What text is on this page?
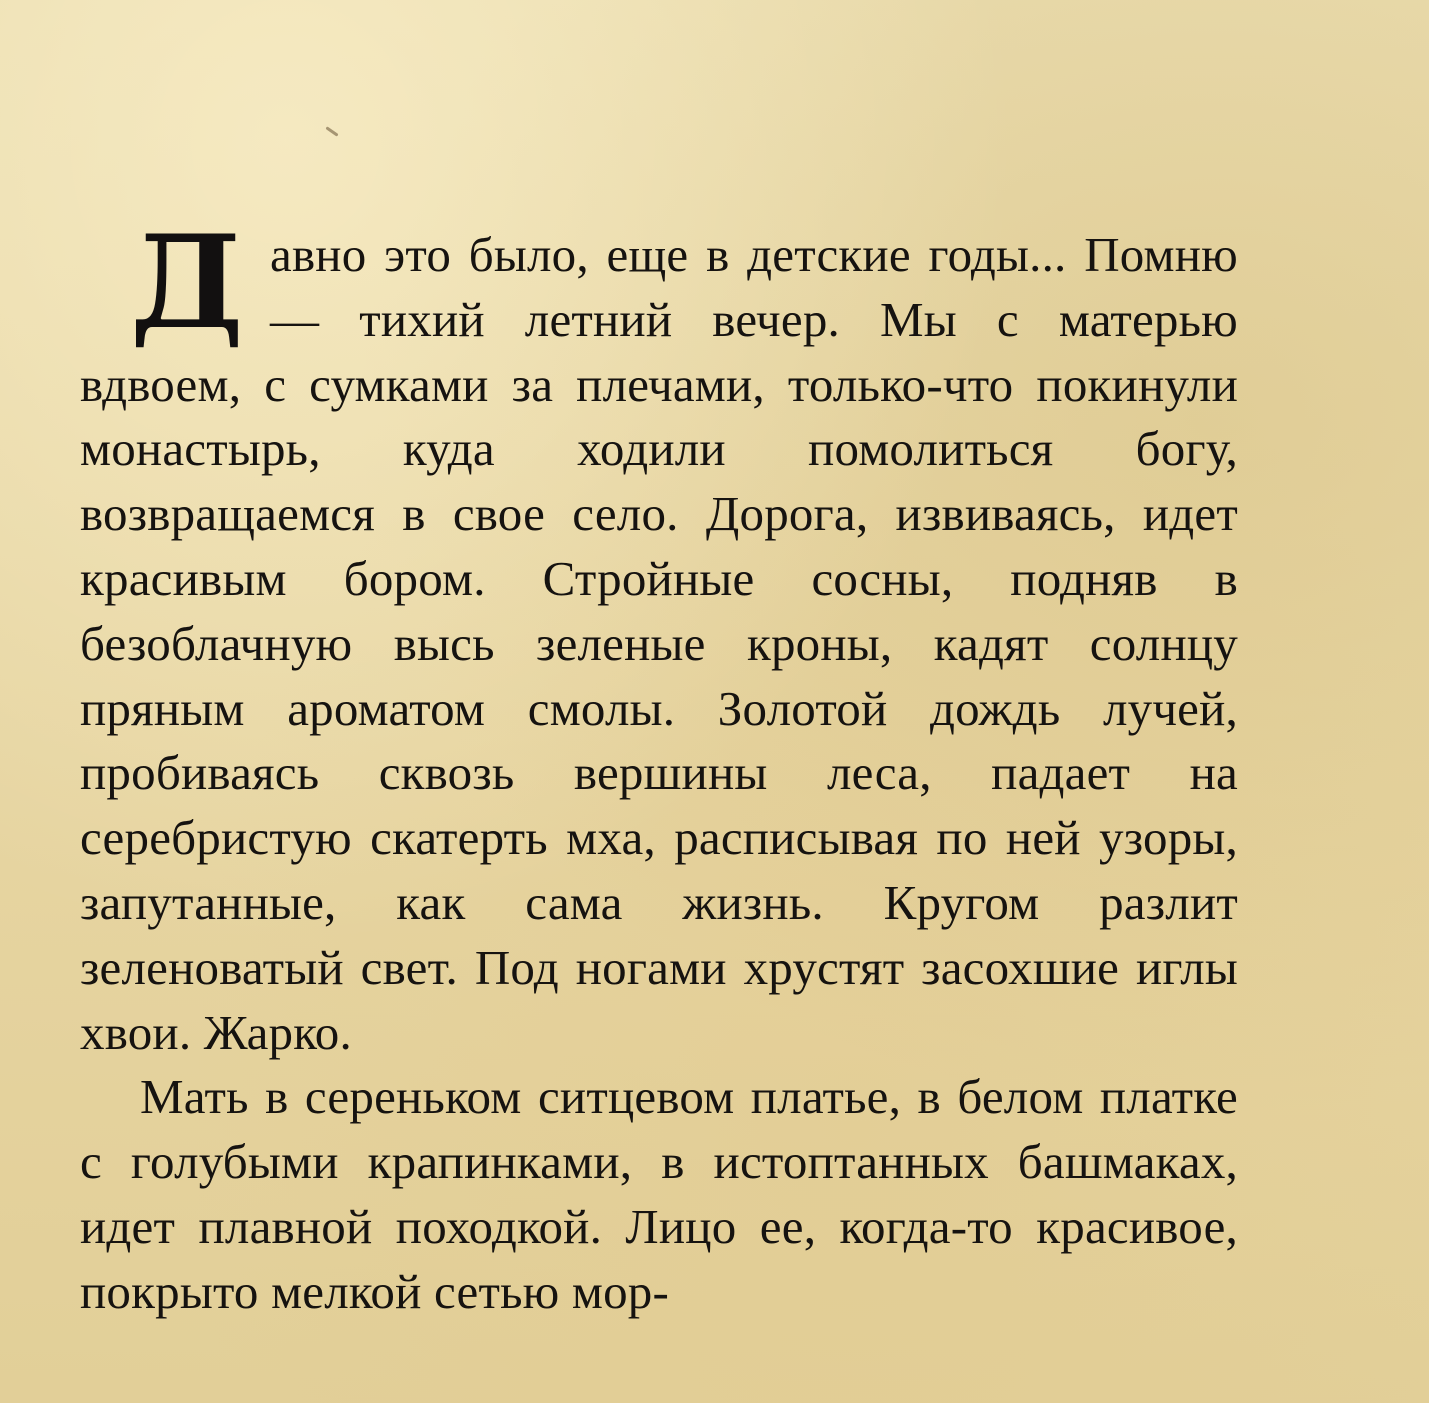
Давно это было, еще в детские годы... Помню — тихий летний вечер. Мы с матерью вдвоем, с сумками за плечами, только-что покинули монастырь, куда ходили помолиться богу, возвращаемся в свое село. Дорога, извиваясь, идет красивым бором. Стройные сосны, подняв в безоблачную высь зеленые кроны, кадят солнцу пряным ароматом смолы. Золотой дождь лучей, пробиваясь сквозь вершины леса, падает на серебристую скатерть мха, расписывая по ней узоры, запутанные, как сама жизнь. Кругом разлит зеленоватый свет. Под ногами хрустят засохшие иглы хвои. Жарко.

Мать в сереньком ситцевом платье, в белом платке с голубыми крапинками, в истоптанных башмаках, идет плавной походкой. Лицо ее, когда-то красивое, покрыто мелкой сетью мор-
